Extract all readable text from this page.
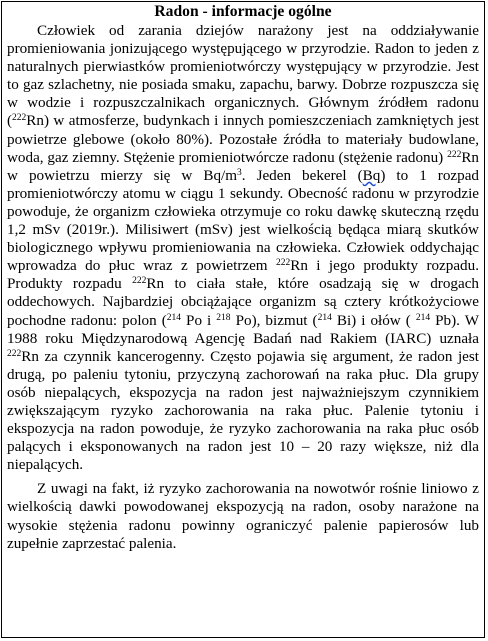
Radon - informacje ogólne

Człowiek od zarania dziejów narażony jest na oddziaływanie promieniowania jonizującego występującego w przyrodzie. Radon to jeden z naturalnych pierwiastków promieniotwórczy występujący w przyrodzie. Jest to gaz szlachetny, nie posiada smaku, zapachu, barwy. Dobrze rozpuszcza się w wodzie i rozpuszczalnikach organicznych. Głównym źródłem radonu ($^{222}$Rn) w atmosferze, budynkach i innych pomieszczeniach zamkniętych jest powietrze glebowe (około 80%). Pozostałe źródła to materiały budowlane, woda, gaz ziemny. Stężenie promieniotwórcze radonu (stężenie radonu) $^{222}$Rn w powietrzu mierzy się w $Bq/m^3$. Jeden bekerel (Bq) to 1 rozpad promieniotwórczy atomu w ciągu 1 sekundy. Obecność radonu w przyrodzie powoduje, że organizm człowieka otrzymuje co roku dawkę skuteczną rzędu 1,2 mSv (2019r.). Milisiwert (mSv) jest wielkością będąca miarą skutków biologicznego wpływu promieniowania na człowieka. Człowiek oddychając wprowadza do płuc wraz z powietrzem $^{222}$Rn i jego produkty rozpadu. Produkty rozpadu $^{222}$Rn to ciała stałe, które osadzają się w drogach oddechowych. Najbardziej obciążające organizm są cztery krótkożyciowe pochodne radonu: polon ($^{214}$ Po i $^{218}$ Po), bizmut ($^{214}$ Bi) i ołów ( $^{214}$ Pb). W 1988 roku Międzynarodową Agencję Badań nad Rakiem (IARC) uznała $^{222}$Rn za czynnik kancerogenny. Często pojawia się argument, że radon jest drugą, po paleniu tytoniu, przyczyną zachorowań na raka płuc. Dla grupy osób niepalących, ekspozycja na radon jest najważniejszym czynnikiem zwiększającym ryzyko zachorowania na raka płuc. Palenie tytoniu i ekspozycja na radon powoduje, że ryzyko zachorowania na raka płuc osób palących i eksponowanych na radon jest 10 – 20 razy większe, niż dla niepalących.

Z uwagi na fakt, iż ryzyko zachorowania na nowotwór rośnie liniowo z wielkością dawki powodowanej ekspozycją na radon, osoby narażone na wysokie stężenia radonu powinny ograniczyć palenie papierosów lub zupełnie zaprzestać palenia.
